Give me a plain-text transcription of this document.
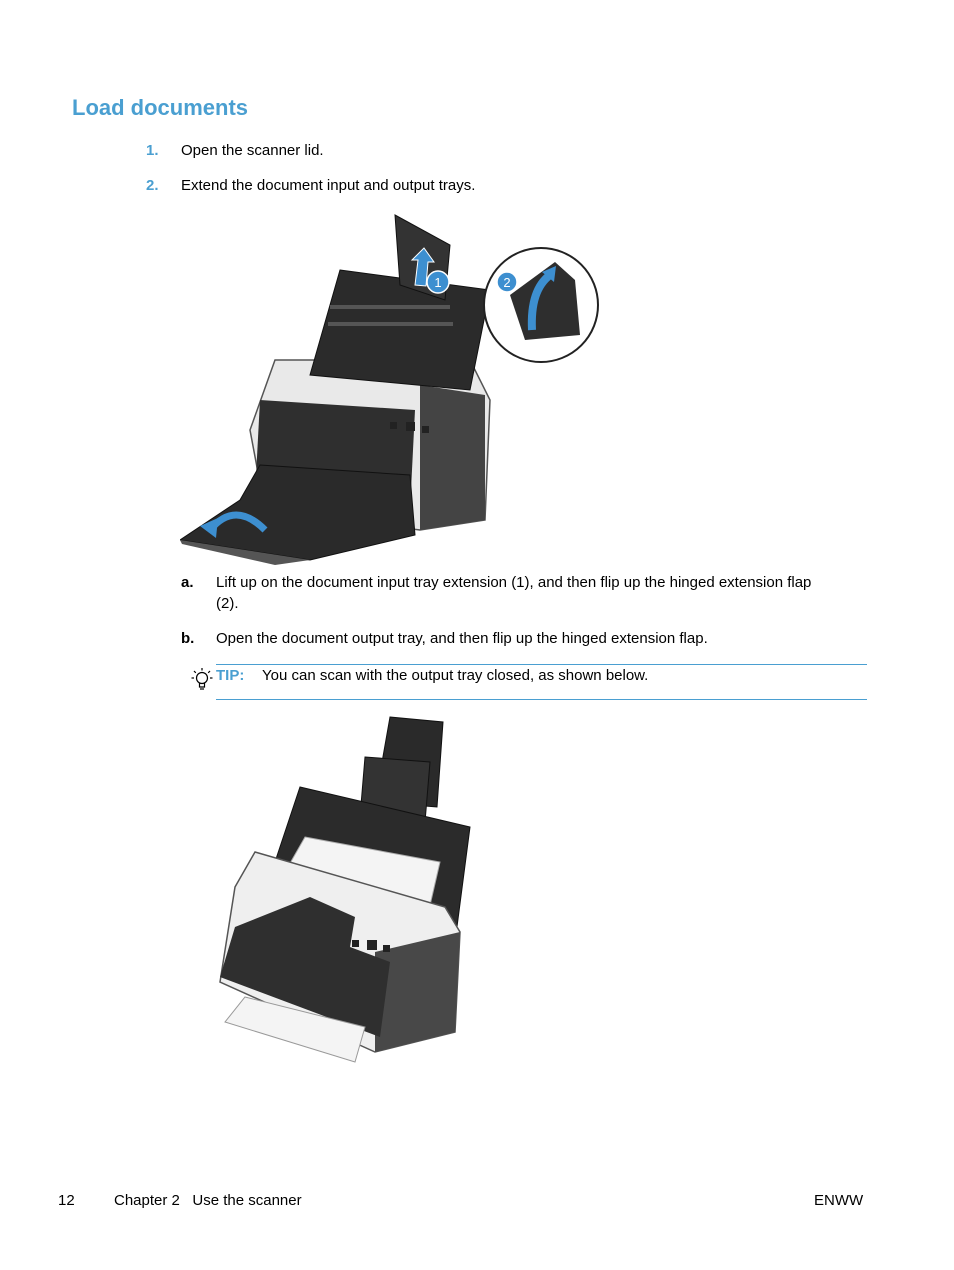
Load documents
1. Open the scanner lid.
2. Extend the document input and output trays.
1	2
a. Lift up on the document input tray extension (1), and then flip up the hinged extension flap
(2).
b. Open the document output tray, and then flip up the hinged extension flap.
TIP: You can scan with the output tray closed, as shown below.
12	Chapter 2   Use the scanner	ENWW
